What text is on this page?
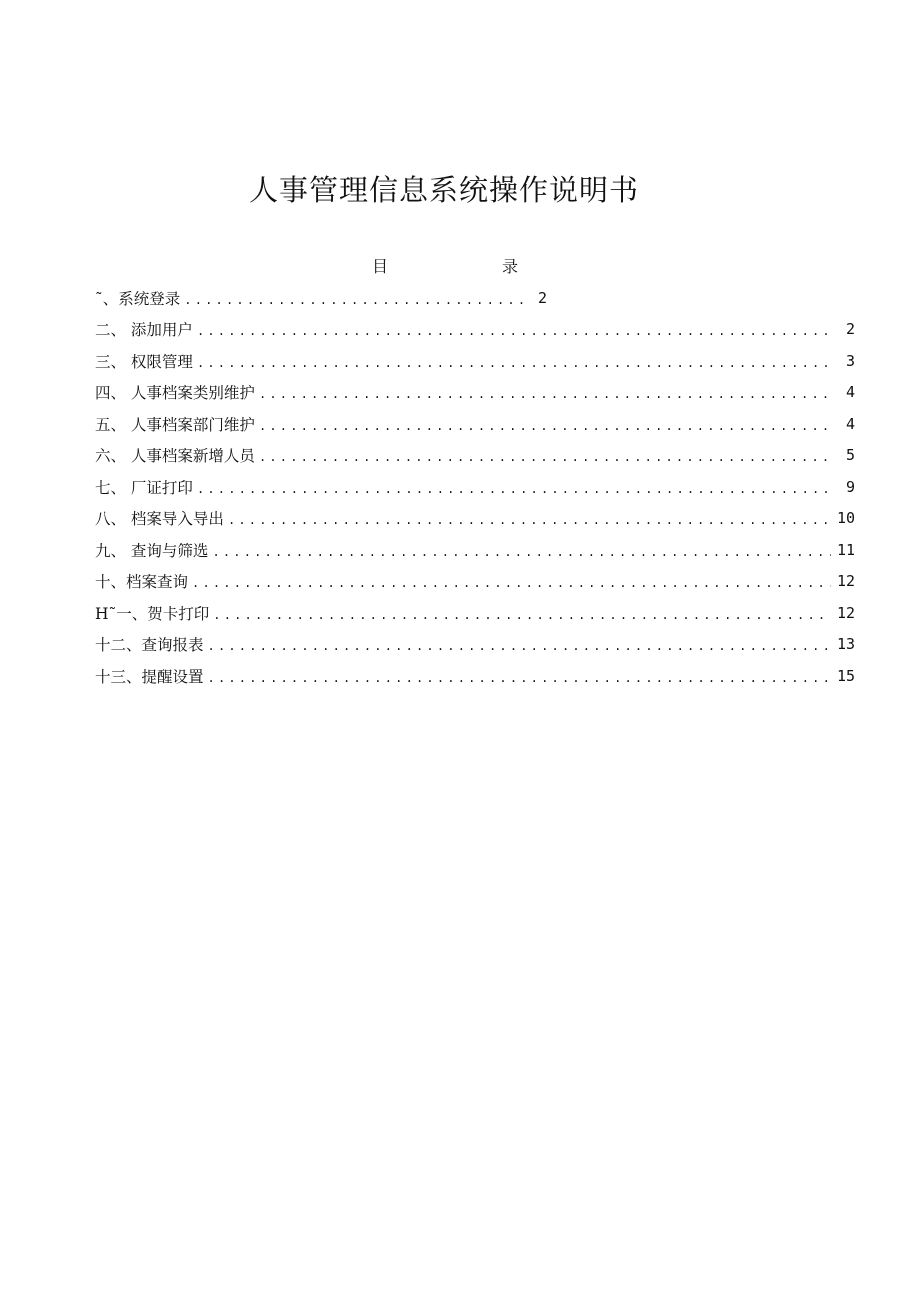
人事管理信息系统操作说明书
目	录
˜、系统登录 .....	2
二、 添加用户 .....	2
三、 权限管理 .....	3
四、 人事档案类别维护 .....	4
五、 人事档案部门维护 .....	4
六、 人事档案新增人员 .....	5
七、 厂证打印 .....	9
八、 档案导入导出 .....	10
九、 查询与筛选 .....	11
十、档案查询 .....	12
H˜一、贺卡打印 .....	12
十二、查询报表 .....	13
十三、提醒设置 .....	15
